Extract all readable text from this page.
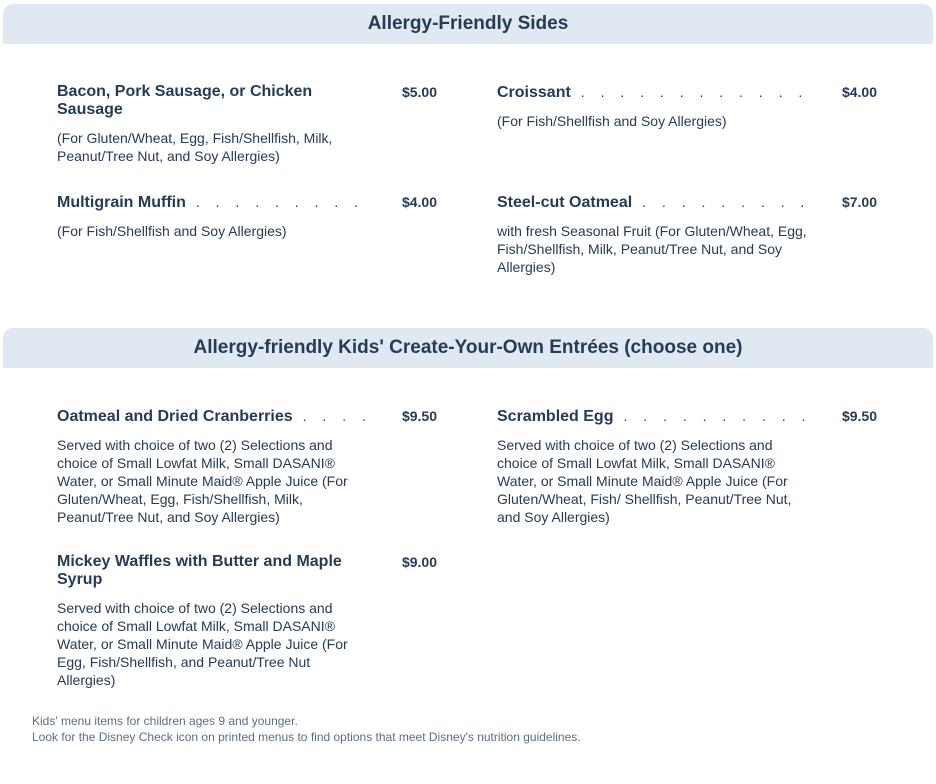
Allergy-Friendly Sides
Bacon, Pork Sausage, or Chicken Sausage
$5.00
(For Gluten/Wheat, Egg, Fish/Shellfish, Milk, Peanut/Tree Nut, and Soy Allergies)
Croissant . . .	$4.00
(For Fish/Shellfish and Soy Allergies)
Multigrain Muffin . . .	$4.00
(For Fish/Shellfish and Soy Allergies)
Steel-cut Oatmeal . . .	$7.00
with fresh Seasonal Fruit (For Gluten/Wheat, Egg, Fish/Shellfish, Milk, Peanut/Tree Nut, and Soy Allergies)
Allergy-friendly Kids' Create-Your-Own Entrées (choose one)
Oatmeal and Dried Cranberries . . .	$9.50
Served with choice of two (2) Selections and choice of Small Lowfat Milk, Small DASANI® Water, or Small Minute Maid® Apple Juice (For Gluten/Wheat, Egg, Fish/Shellfish, Milk, Peanut/Tree Nut, and Soy Allergies)
Scrambled Egg . . .	$9.50
Served with choice of two (2) Selections and choice of Small Lowfat Milk, Small DASANI® Water, or Small Minute Maid® Apple Juice (For Gluten/Wheat, Fish/ Shellfish, Peanut/Tree Nut, and Soy Allergies)
Mickey Waffles with Butter and Maple Syrup
$9.00
Served with choice of two (2) Selections and choice of Small Lowfat Milk, Small DASANI® Water, or Small Minute Maid® Apple Juice (For Egg, Fish/Shellfish, and Peanut/Tree Nut Allergies)
Kids' menu items for children ages 9 and younger.
Look for the Disney Check icon on printed menus to find options that meet Disney's nutrition guidelines.
